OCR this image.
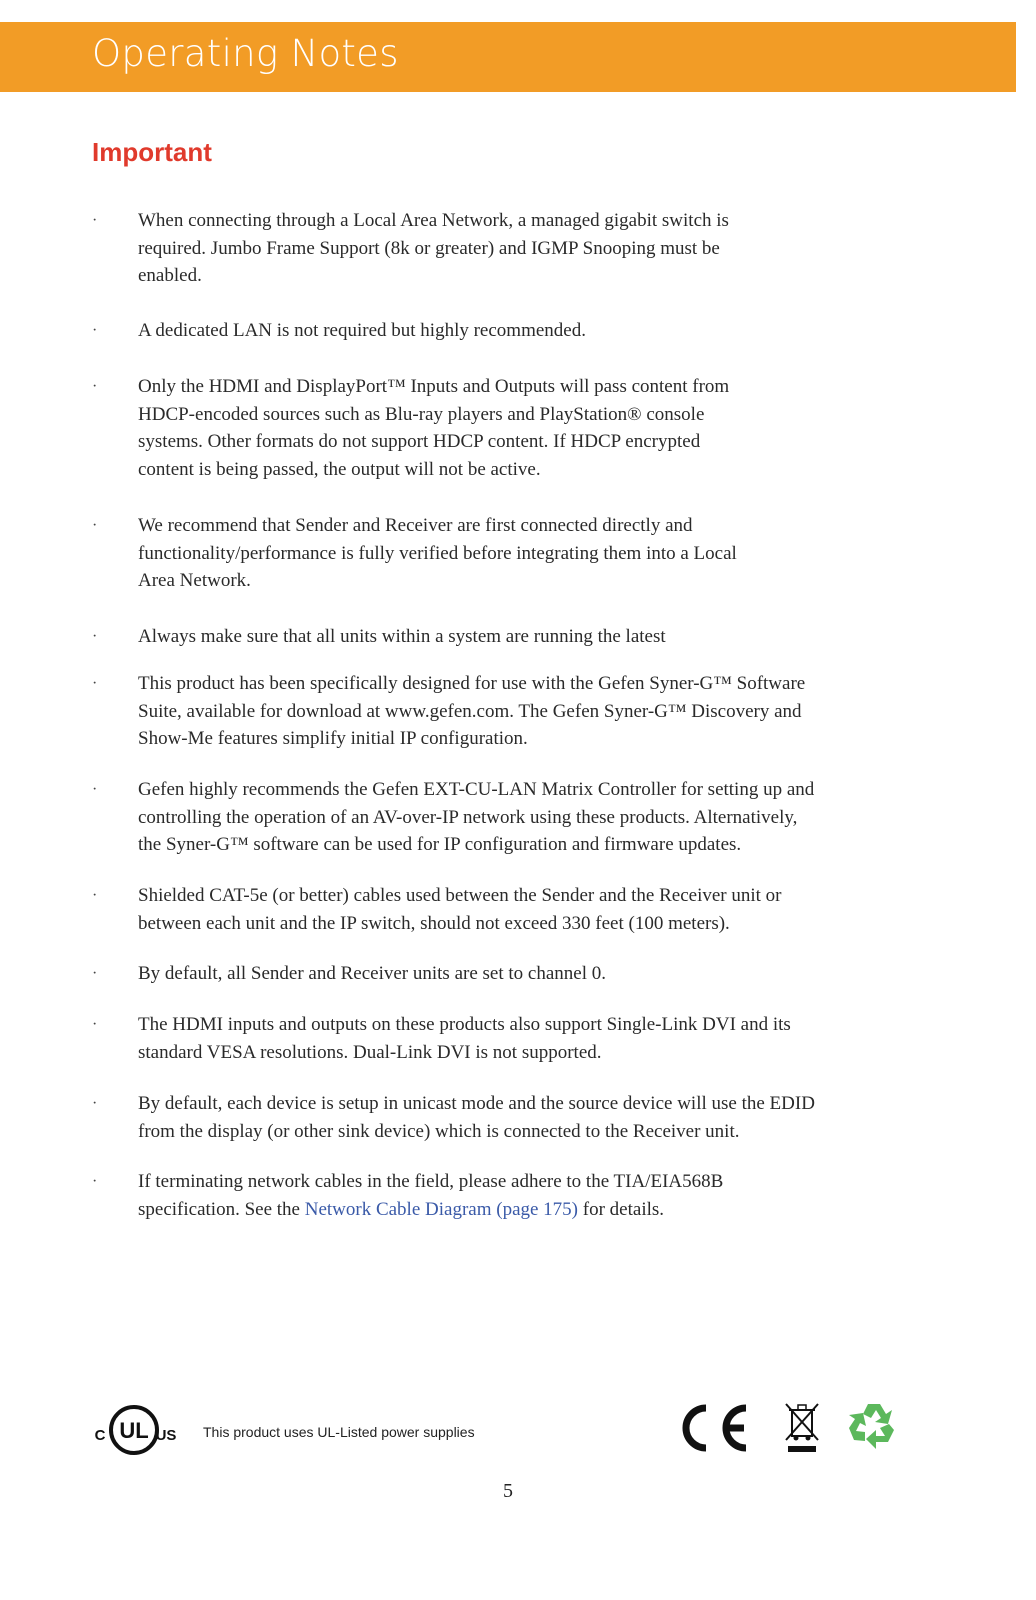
Operating Notes
Important
· When connecting through a Local Area Network, a managed gigabit switch is
required. Jumbo Frame Support (8k or greater) and IGMP Snooping must be
enabled.
· A dedicated LAN is not required but highly recommended.
· Only the HDMI and DisplayPort™ Inputs and Outputs will pass content from
HDCP-encoded sources such as Blu-ray players and PlayStation® console
systems. Other formats do not support HDCP content. If HDCP encrypted
content is being passed, the output will not be active.
· We recommend that Sender and Receiver are first connected directly and
functionality/performance is fully verified before integrating them into a Local
Area Network.
· Always make sure that all units within a system are running the latest
· This product has been specifically designed for use with the Gefen Syner-G™ Software
Suite, available for download at www.gefen.com. The Gefen Syner-G™ Discovery and
Show-Me features simplify initial IP configuration.
· Gefen highly recommends the Gefen EXT-CU-LAN Matrix Controller for setting up and
controlling the operation of an AV-over-IP network using these products. Alternatively,
the Syner-G™ software can be used for IP configuration and firmware updates.
· Shielded CAT-5e (or better) cables used between the Sender and the Receiver unit or
between each unit and the IP switch, should not exceed 330 feet (100 meters).
· By default, all Sender and Receiver units are set to channel 0.
· The HDMI inputs and outputs on these products also support Single-Link DVI and its
standard VESA resolutions. Dual-Link DVI is not supported.
· By default, each device is setup in unicast mode and the source device will use the EDID
from the display (or other sink device) which is connected to the Receiver unit.
· If terminating network cables in the field, please adhere to the TIA/EIA568B
specification. See the Network Cable Diagram (page 175) for details.
UL
C	US This product uses UL-Listed power supplies
5
